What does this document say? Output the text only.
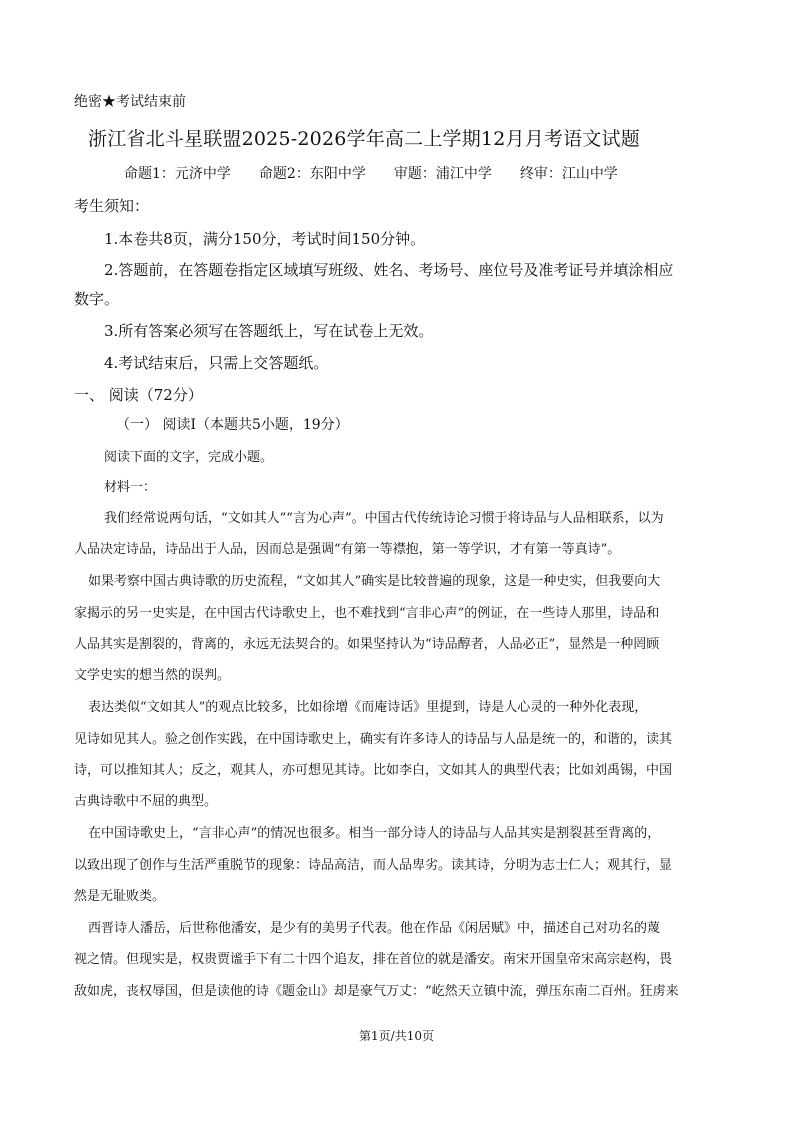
绝密★考试结束前
浙江省北斗星联盟2025-2026学年高二上学期12月月考语文试题
命题1：元济中学　　命题2：东阳中学　　审题：浦江中学　　终审：江山中学
考生须知：
1.本卷共8页，满分150分，考试时间150分钟。
2.答题前，在答题卷指定区域填写班级、姓名、考场号、座位号及准考证号并填涂相应
数字。
3.所有答案必须写在答题纸上，写在试卷上无效。
4.考试结束后，只需上交答题纸。
一、 阅读（72分）
（一） 阅读Ⅰ（本题共5小题，19分）
阅读下面的文字，完成小题。
材料一：
我们经常说两句话，“文如其人”“言为心声”。中国古代传统诗论习惯于将诗品与人品相联系，以为
人品决定诗品，诗品出于人品，因而总是强调“有第一等襟抱，第一等学识，才有第一等真诗”。
如果考察中国古典诗歌的历史流程，“文如其人”确实是比较普遍的现象，这是一种史实，但我要向大
家揭示的另一史实是，在中国古代诗歌史上，也不难找到“言非心声”的例证，在一些诗人那里，诗品和
人品其实是割裂的，背离的，永远无法契合的。如果坚持认为“诗品醇者，人品必正”，显然是一种罔顾
文学史实的想当然的误判。
表达类似“文如其人”的观点比较多，比如徐增《而庵诗话》里提到，诗是人心灵的一种外化表现，
见诗如见其人。验之创作实践，在中国诗歌史上，确实有许多诗人的诗品与人品是统一的，和谐的，读其
诗，可以推知其人；反之，观其人，亦可想见其诗。比如李白，文如其人的典型代表；比如刘禹锡，中国
古典诗歌中不屈的典型。
在中国诗歌史上，“言非心声”的情况也很多。相当一部分诗人的诗品与人品其实是割裂甚至背离的，
以致出现了创作与生活严重脱节的现象：诗品高洁，而人品卑劣。读其诗，分明为志士仁人；观其行，显
然是无耻败类。
西晋诗人潘岳，后世称他潘安，是少有的美男子代表。他在作品《闲居赋》中，描述自己对功名的蔑
视之情。但现实是，权贵贾谧手下有二十四个追友，排在首位的就是潘安。南宋开国皇帝宋高宗赵构，畏
敌如虎，丧权辱国，但是读他的诗《题金山》却是豪气万丈：“屹然天立镇中流，弹压东南二百州。狂虏来
第1页/共10页
